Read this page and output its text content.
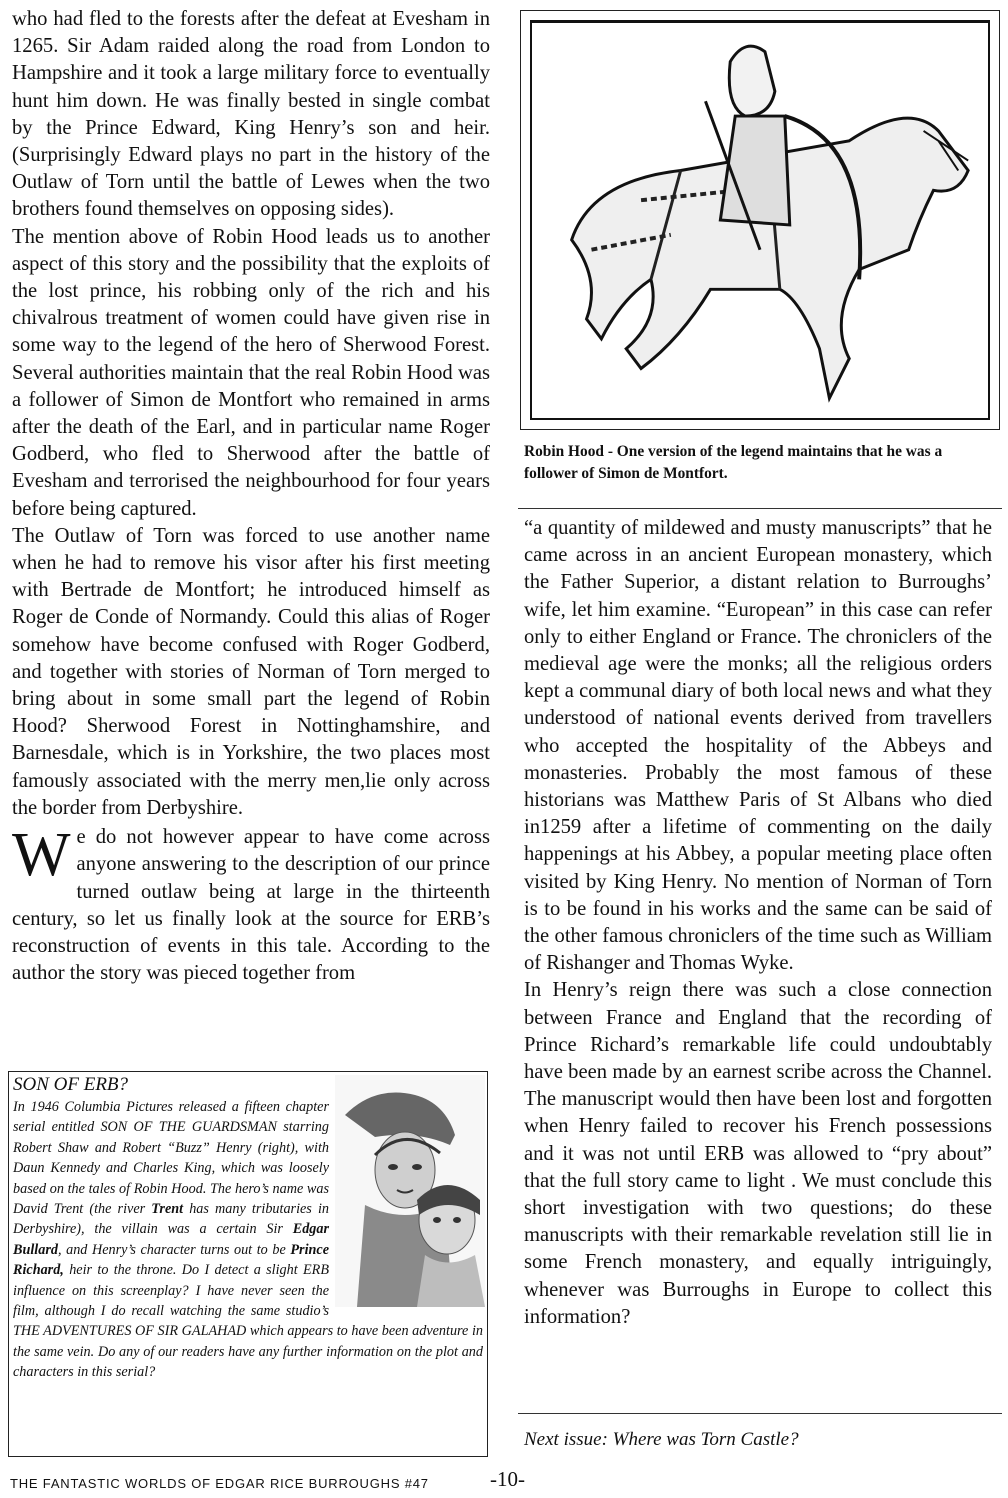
who had fled to the forests after the defeat at Evesham in 1265. Sir Adam raided along the road from London to Hampshire and it took a large military force to eventually hunt him down. He was finally bested in single combat by the Prince Edward, King Henry’s son and heir. (Surprisingly Edward plays no part in the history of the Outlaw of Torn until the battle of Lewes when the two brothers found themselves on opposing sides).

The mention above of Robin Hood leads us to another aspect of this story and the possibility that the exploits of the lost prince, his robbing only of the rich and his chivalrous treatment of women could have given rise in some way to the legend of the hero of Sherwood Forest. Several authorities maintain that the real Robin Hood was a follower of Simon de Montfort who remained in arms after the death of the Earl, and in particular name Roger Godberd, who fled to Sherwood after the battle of Evesham and terrorised the neighbourhood for four years before being captured.

The Outlaw of Torn was forced to use another name when he had to remove his visor after his first meeting with Bertrade de Montfort; he introduced himself as Roger de Conde of Normandy. Could this alias of Roger somehow have become confused with Roger Godberd, and together with stories of Norman of Torn merged to bring about in some small part the legend of Robin Hood? Sherwood Forest in Nottinghamshire, and Barnesdale, which is in Yorkshire, the two places most famously associated with the merry men,lie only across the border from Derbyshire.

We do not however appear to have come across anyone answering to the description of our prince turned outlaw being at large in the thirteenth century, so let us finally look at the source for ERB’s reconstruction of events in this tale. According to the author the story was pieced together from

SON OF ERB?

In 1946 Columbia Pictures released a fifteen chapter serial entitled SON OF THE GUARDSMAN starring Robert Shaw and Robert “Buzz” Henry (right), with Daun Kennedy and Charles King, which was loosely based on the tales of Robin Hood. The hero’s name was David Trent (the river Trent has many tributaries in Derbyshire), the villain was a certain Sir Edgar Bullard, and Henry’s character turns out to be Prince Richard, heir to the throne. Do I detect a slight ERB influence on this screenplay? I have never seen the film, although I do recall watching the same studio’s THE ADVENTURES OF SIR GALAHAD which appears to have been adventure in the same vein. Do any of our readers have any further information on the plot and characters in this serial?

Robin Hood - One version of the legend maintains that he was a follower of Simon de Montfort.

“a quantity of mildewed and musty manuscripts” that he came across in an ancient European monastery, which the Father Superior, a distant relation to Burroughs’ wife, let him examine. “European” in this case can refer only to either England or France. The chroniclers of the medieval age were the monks; all the religious orders kept a communal diary of both local news and what they understood of national events derived from travellers who accepted the hospitality of the Abbeys and monasteries. Probably the most famous of these historians was Matthew Paris of St Albans who died in1259 after a lifetime of commenting on the daily happenings at his Abbey, a popular meeting place often visited by King Henry. No mention of Norman of Torn is to be found in his works and the same can be said of the other famous chroniclers of the time such as William of Rishanger and Thomas Wyke.

In Henry’s reign there was such a close connection between France and England that the recording of Prince Richard’s remarkable life could undoubtably have been made by an earnest scribe across the Channel. The manuscript would then have been lost and forgotten when Henry failed to recover his French possessions and it was not until ERB was allowed to “pry about” that the full story came to light . We must conclude this short investigation with two questions; do these manuscripts with their remarkable revelation still lie in some French monastery, and equally intriguingly, whenever was Burroughs in Europe to collect this information?

Next issue: Where was Torn Castle?
THE FANTASTIC WORLDS OF EDGAR RICE BURROUGHS #47	-10-
